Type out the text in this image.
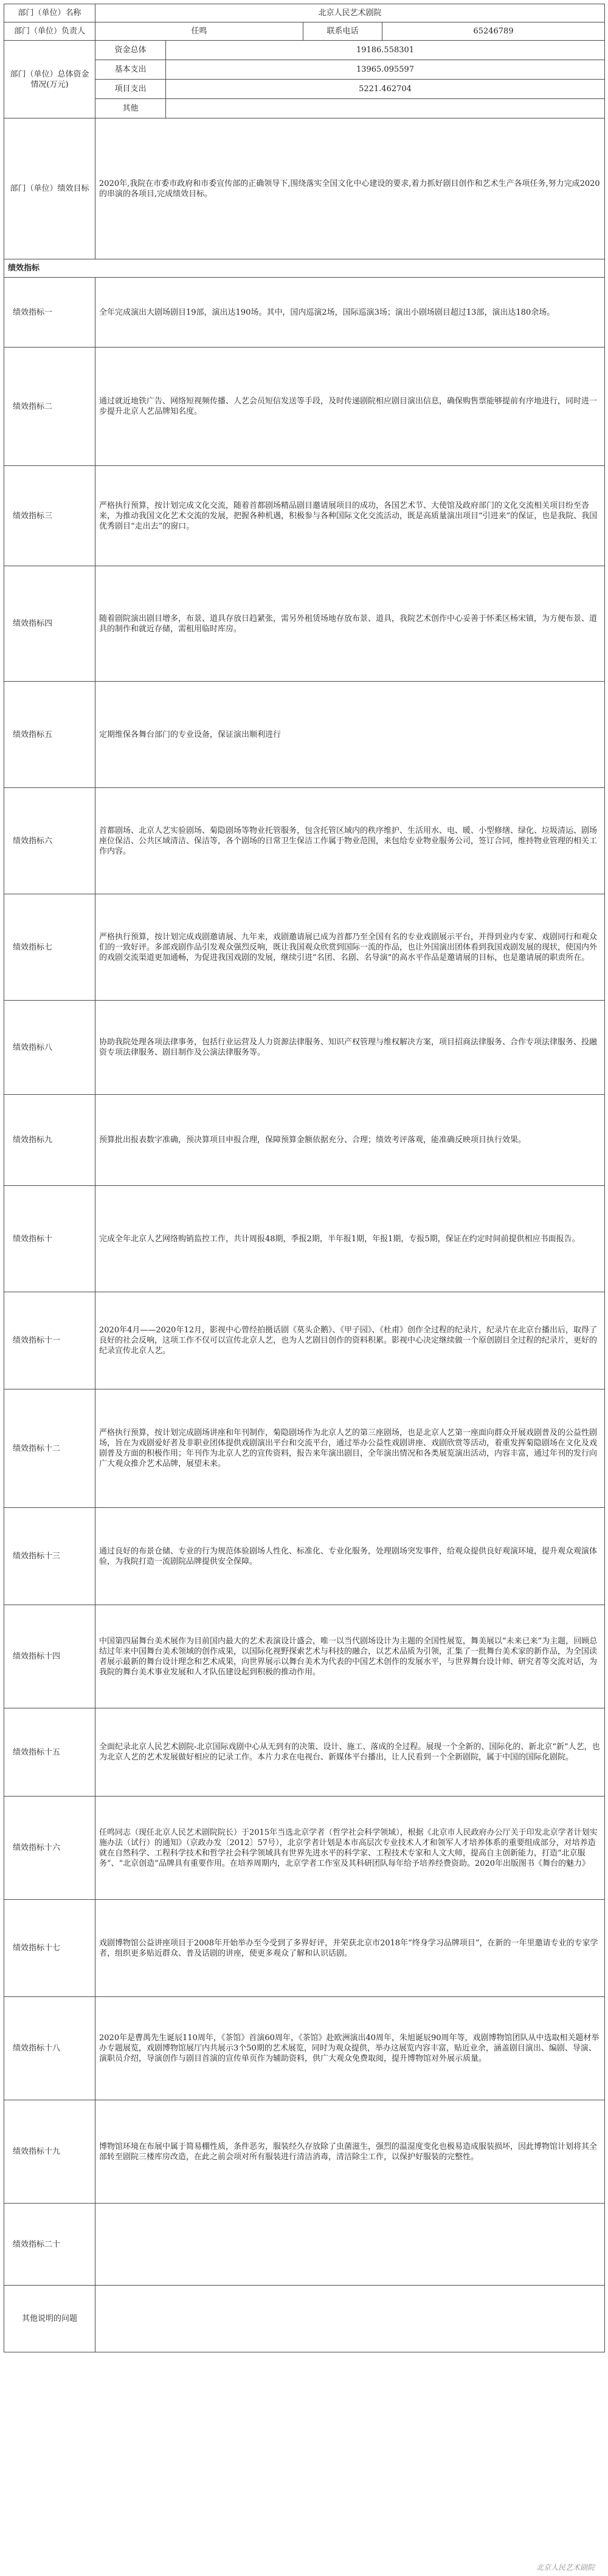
部门（单位）名称	北京人民艺术剧院			
部门（单位）负责人	任鸣		联系电话	65246789
部门（单位）总体资金情况(万元)	资金总体	19186.558301		
	基本支出	13965.095597		
	项目支出	5221.462704		
	其他			
部门（单位）绩效目标	2020年,我院在市委市政府和市委宣传部的正确领导下,围绕落实全国文化中心建设的要求,着力抓好剧目创作和艺术生产各项任务,努力完成2020的串演的各项目,完成绩效目标。			
绩效指标				
绩效指标一	全年完成演出大剧场剧目19部，演出达190场。其中，国内巡演2场，国际巡演3场；演出小剧场剧目超过13部，演出达180余场。			
绩效指标二	通过就近地铁广告、网络短视频传播、人艺会员短信发送等手段，及时传递剧院相应剧目演出信息，确保购售票能够提前有序地进行，同时进一步提升北京人艺品牌知名度。			
绩效指标三	严格执行预算，按计划完成文化交流，随着首都剧场精品剧目邀请展项目的成功，各国艺术节、大使馆及政府部门的文化交流相关项目纷至沓来，为推动我国文化艺术交流的发展，把握各种机遇，积极参与各种国际文化交流活动，既是高质量演出项目“引进来”的保证，也是我院、我国优秀剧目“走出去”的窗口。			
绩效指标四	随着剧院演出剧目增多，布景、道具存放日趋紧张，需另外租赁场地存放布景、道具，我院艺术创作中心妥善于怀柔区杨宋镇，为方便布景、道具的制作和就近存储，需租用临时库房。			
绩效指标五	定期维保各舞台部门的专业设备，保证演出顺利进行			
绩效指标六	首都剧场、北京人艺实验剧场、菊隐剧场等物业托管服务，包含托管区域内的秩序维护、生活用水、电、暖、小型修缮、绿化、垃圾清运、剧场座位保洁、公共区域清洁、保洁等，各个剧场的日常卫生保洁工作属于物业范围，来包给专业物业服务公司，签订合同，维持物业管理的相关工作内容。			
绩效指标七	严格执行预算，按计划完成戏剧邀请展、九年来，戏剧邀请展已成为首都乃至全国有名的专业戏剧展示平台，并得到业内专家、戏剧同行和观众们的一致好评。多部戏剧作品引发观众强烈反响，既让我国观众欣赏到国际一流的作品，也让外国演出团体看到我国戏剧发展的现状，使国内外的戏剧交流渠道更加通畅，为促进我国戏剧的发展，继续引进“名团、名剧、名导演”的高水平作品是邀请展的目标，也是邀请展的职责所在。			
绩效指标八	协助我院处理各项法律事务，包括行业运营及人力资源法律服务、知识产权管理与维权解决方案，项目招商法律服务、合作专项法律服务、投融资专项法律服务、剧目制作及公演法律服务等。			
绩效指标九	预算批出报表数字准确，预决算项目申报合理，保障预算金额依据充分、合理；绩效考评落观，能准确反映项目执行效果。			
绩效指标十	完成全年北京人艺网络购销监控工作，共计周报48期，季报2期，半年报1期，年报1期，专报5期，保证在约定时间前提供相应书面报告。			
绩效指标十一	2020年4月——2020年12月，影视中心曾经拍摄话剧《莫头企鹅》、《甲子园》、《杜甫》创作全过程的纪录片，纪录片在北京台播出后，取得了良好的社会反响，这项工作不仅可以宣传北京人艺，也为人艺剧目创作的资料积累。影视中心决定继续做一个原创剧目全过程的纪录片，更好的纪录宣传北京人艺。			
绩效指标十二	严格执行预算，按计划完成剧场讲座和年刊制作，菊隐剧场作为北京人艺的第三座剧场，也是北京人艺第一座面向群众开展戏剧普及的公益性剧场，旨在为戏剧爱好者及非职业团体提供戏剧演出平台和交流平台，通过举办公益性戏剧讲座、戏剧欣赏等活动，着重发挥菊隐剧场在文化及戏剧普及方面的积极作用；年刊作为北京人艺的宣传资料，报告来年演出剧目，全年演出情况和各类展览演出活动，内容丰富，通过年刊的发行向广大观众推介艺术品牌，展望未来。			
绩效指标十三	通过良好的布景仓储、专业的行为规范体验剧场人性化、标准化、专业化服务，处理剧场突发事件，给观众提供良好观演环境，提升观众观演体验，为我院打造一流剧院品牌提供安全保障。			
绩效指标十四	中国第四届舞台美术展作为目前国内最大的艺术表演设计盛会，唯一以当代剧场设计为主题的全国性展览，舞美展以“未来已来”为主题，回顾总结过年来中国舞台美术领域的创作成果，以国际化视野探索艺术与科技的融合，以艺术品质为引领，汇集了一批舞台美术家的新作品，为全国读者展示最新的舞台设计理念和艺术成果，向世界展示以舞台美术为代表的中国艺术创作的发展水平，与世界舞台设计师、研究者等交流对话，为我院的舞台美术事业发展和人才队伍建设起到积极的推动作用。			
绩效指标十五	全面纪录北京人民艺术剧院-北京国际戏剧中心从无到有的决策、设计、施工、落成的全过程。展现一个全新的、国际化的、新北京“新”人艺，也为北京人艺的艺术发展做好相应的记录工作。本片力求在电视台、新媒体平台播出，让人民看到一个全新剧院，属于中国的国际化剧院。			
绩效指标十六	任鸣同志（现任北京人民艺术剧院院长）于2015年当选北京学者（哲学社会科学领域），根据《北京市人民政府办公厅关于印发北京学者计划实施办法（试行）的通知》（京政办发〔2012〕57号），北京学者计划是本市高层次专业技术人才和领军人才培养体系的重要组成部分，对培养造就在自然科学、工程科学技术和哲学社会科学领域具有世界先进水平的科学家、工程技术专家和人文大师，提高自主创新能力，打造“北京服务”、“北京创造”品牌具有重要作用。在培养周期内，北京学者工作室及其科研团队每年给予培养经费资助。2020年出版图书《舞台的魅力》			
绩效指标十七	戏剧博物馆公益讲座项目于2008年开始举办至今受到了多界好评，并荣获北京市2018年“终身学习品牌项目”，在新的一年里邀请专业的专家学者，组织更多贴近群众、普及话剧的讲座，使更多观众了解和认识话剧。			
绩效指标十八	2020年是曹禺先生诞辰110周年，《茶馆》首演60周年，《茶馆》赴欧洲演出40周年，朱旭诞辰90周年等，戏剧博物馆团队从中选取相关题材举办专题展览，戏剧博物馆展厅内共展示3个50期的艺术展览，同时为观众提供，举办这展览内容丰富，贴近业余，涵盖剧目演出、编剧、导演、演职员介绍，导演创作与剧目首演的宣传单页作为辅助资料，供广大观众免费取阅，提升博物馆对外展示质量。			
绩效指标十九	博物馆环境在布展中属于简易棚性质，条件恶劣，服装经久存放除了虫菌滋生，强烈的温湿度变化也极易造成服装损坏，因此博物馆计划将其全部转至剧院三楼库房改造，在此之前会项对所有服装进行清洁消毒，清洁除尘工作，以保护好服装的完整性。			
绩效指标二十				
其他说明的问题				
北京人民艺术剧院
